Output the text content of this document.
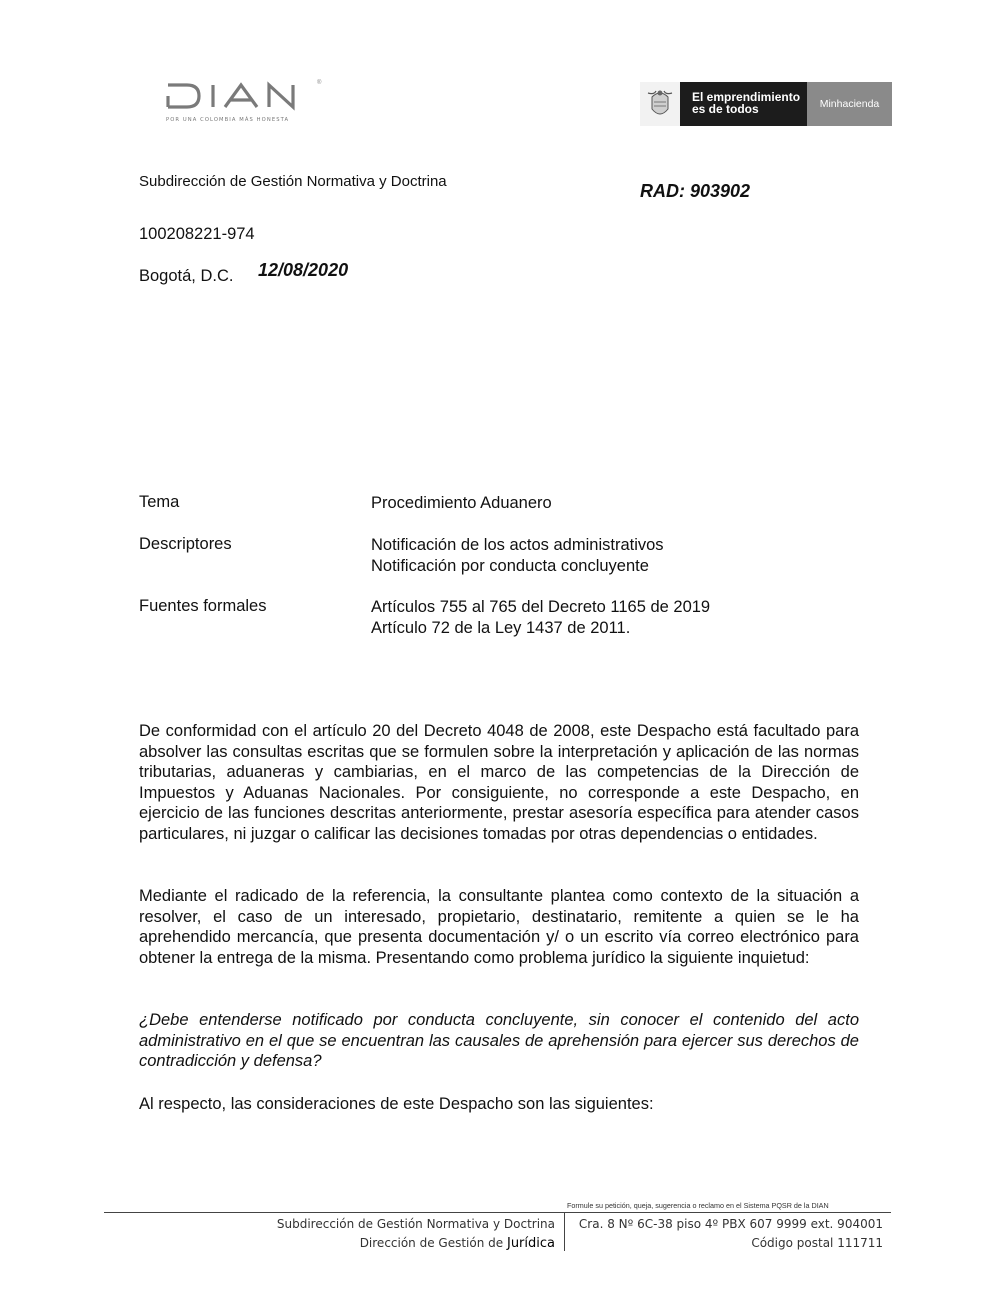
®
POR UNA COLOMBIA MÁS HONESTA
El emprendimiento
es de todos	Minhacienda
Subdirección de Gestión Normativa y Doctrina	RAD: 903902
100208221-974
Bogotá, D.C. 12/08/2020
Tema	Procedimiento Aduanero
Descriptores	Notificación de los actos administrativos
Notificación por conducta concluyente
Fuentes formales	Artículos 755 al 765 del Decreto 1165 de 2019
Artículo 72 de la Ley 1437 de 2011.

De conformidad con el artículo 20 del Decreto 4048 de 2008, este Despacho está facultado para absolver las consultas escritas que se formulen sobre la interpretación y aplicación de las normas tributarias, aduaneras y cambiarias, en el marco de las competencias de la Dirección de Impuestos y Aduanas Nacionales. Por consiguiente, no corresponde a este Despacho, en ejercicio de las funciones descritas anteriormente, prestar asesoría específica para atender casos particulares, ni juzgar o calificar las decisiones tomadas por otras dependencias o entidades.

Mediante el radicado de la referencia, la consultante plantea como contexto de la situación a resolver, el caso de un interesado, propietario, destinatario, remitente a quien se le ha aprehendido mercancía, que presenta documentación y/ o un escrito vía correo electrónico para obtener la entrega de la misma. Presentando como problema jurídico la siguiente inquietud:

¿Debe entenderse notificado por conducta concluyente, sin conocer el contenido del acto administrativo en el que se encuentran las causales de aprehensión para ejercer sus derechos de contradicción y defensa?

Al respecto, las consideraciones de este Despacho son las siguientes:

Formule su petición, queja, sugerencia o reclamo en el Sistema PQSR de la DIAN
Subdirección de Gestión Normativa y Doctrina
Dirección de Gestión de Jurídica
Cra. 8 Nº 6C-38 piso 4º PBX 607 9999 ext. 904001
Código postal 111711
